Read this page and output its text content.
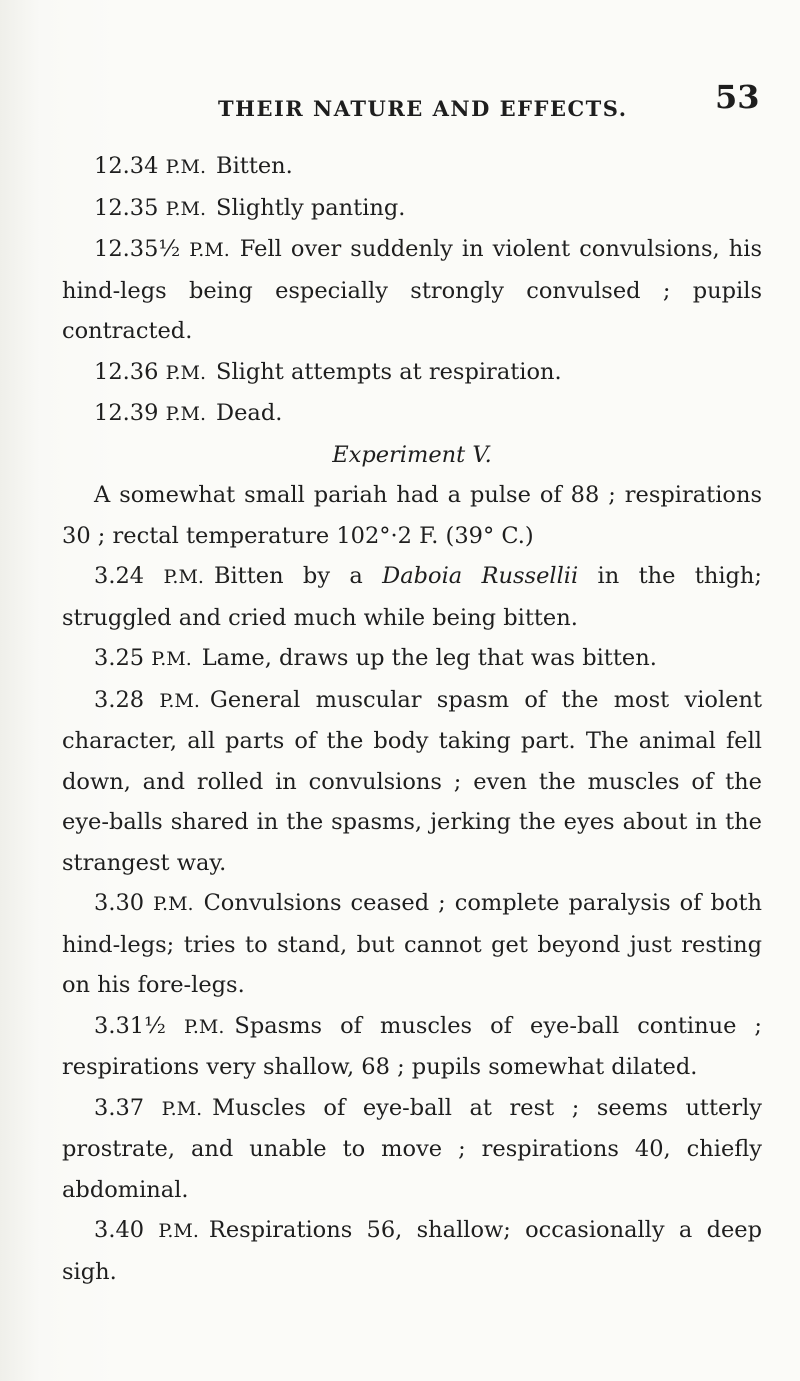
THEIR NATURE AND EFFECTS.	53

12.34 P.M. Bitten.

12.35 P.M. Slightly panting.

12.35½ P.M. Fell over suddenly in violent convulsions, his hind-legs being especially strongly convulsed ; pupils contracted.

12.36 P.M. Slight attempts at respiration.

12.39 P.M. Dead.

Experiment V.

A somewhat small pariah had a pulse of 88 ; respirations 30 ; rectal temperature 102°·2 F. (39° C.)

3.24 P.M. Bitten by a Daboia Russellii in the thigh; struggled and cried much while being bitten.

3.25 P.M. Lame, draws up the leg that was bitten.

3.28 P.M. General muscular spasm of the most violent character, all parts of the body taking part. The animal fell down, and rolled in convulsions ; even the muscles of the eye-balls shared in the spasms, jerking the eyes about in the strangest way.

3.30 P.M. Convulsions ceased ; complete paralysis of both hind-legs; tries to stand, but cannot get beyond just resting on his fore-legs.

3.31½ P.M. Spasms of muscles of eye-ball continue ; respirations very shallow, 68 ; pupils somewhat dilated.

3.37 P.M. Muscles of eye-ball at rest ; seems utterly prostrate, and unable to move ; respirations 40, chiefly abdominal.

3.40 P.M. Respirations 56, shallow; occasionally a deep sigh.
